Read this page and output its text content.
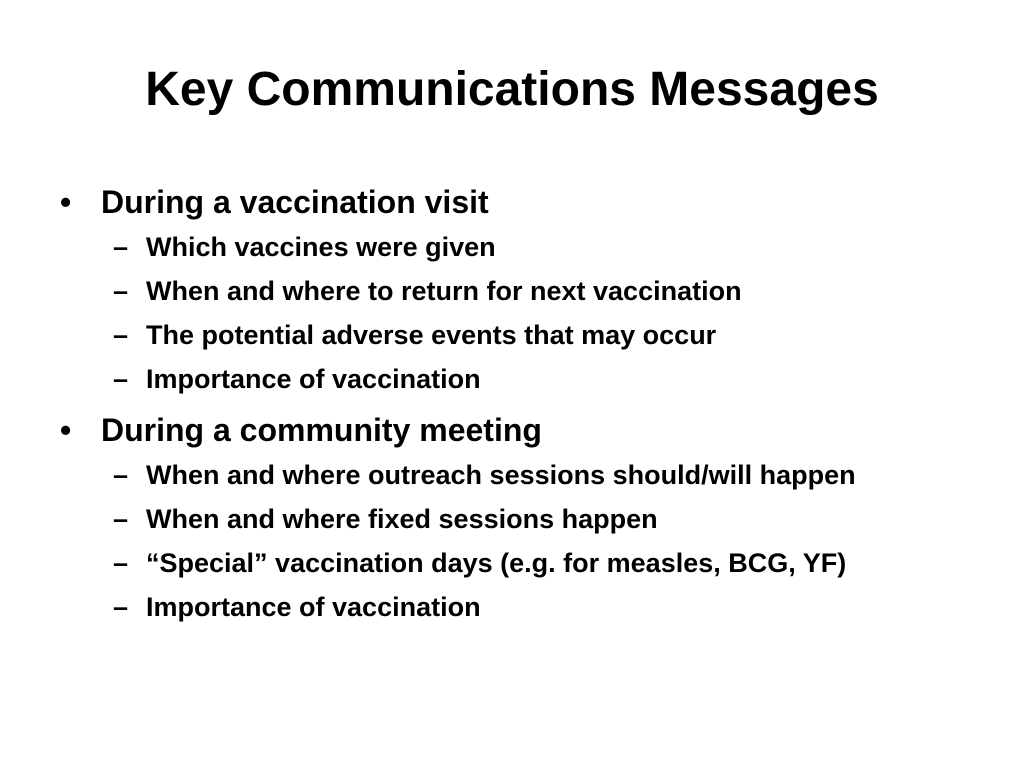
Key Communications Messages
• During a vaccination visit
– Which vaccines were given
– When and where to return for next vaccination
– The potential adverse events that may occur
– Importance of vaccination
• During a community meeting
– When and where outreach sessions should/will happen
– When and where fixed sessions happen
– “Special” vaccination days (e.g. for measles, BCG, YF)
– Importance of vaccination
